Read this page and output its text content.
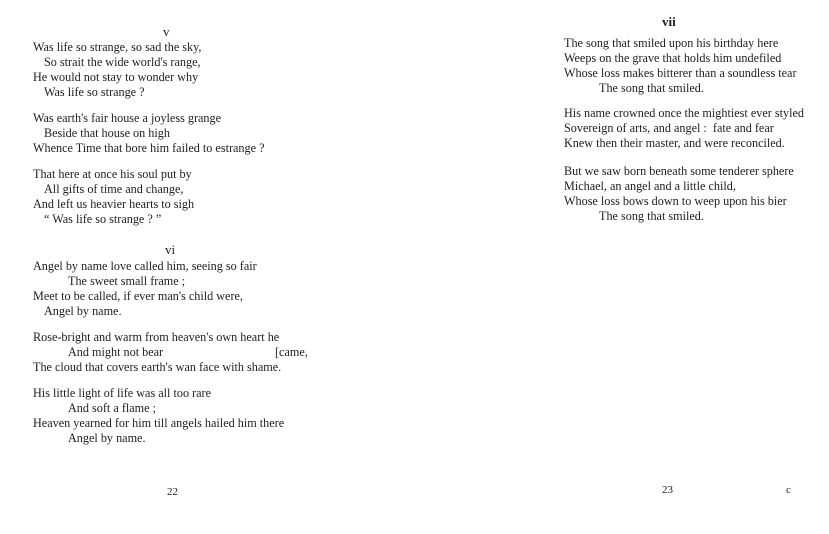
v
Was life so strange, so sad the sky,
So strait the wide world's range,
He would not stay to wonder why
Was life so strange ?
Was earth's fair house a joyless grange
Beside that house on high
Whence Time that bore him failed to estrange ?
That here at once his soul put by
All gifts of time and change,
And left us heavier hearts to sigh
“ Was life so strange ? ”
vi
Angel by name love called him, seeing so fair
The sweet small frame ;
Meet to be called, if ever man's child were,
Angel by name.
Rose-bright and warm from heaven's own heart he
And might not bear	[came,
The cloud that covers earth's wan face with shame.
His little light of life was all too rare
And soft a flame ;
Heaven yearned for him till angels hailed him there
Angel by name.
22
vii
The song that smiled upon his birthday here
Weeps on the grave that holds him undefiled
Whose loss makes bitterer than a soundless tear
The song that smiled.
His name crowned once the mightiest ever styled
Sovereign of arts, and angel :  fate and fear
Knew then their master, and were reconciled.
But we saw born beneath some tenderer sphere
Michael, an angel and a little child,
Whose loss bows down to weep upon his bier
The song that smiled.
23	c
